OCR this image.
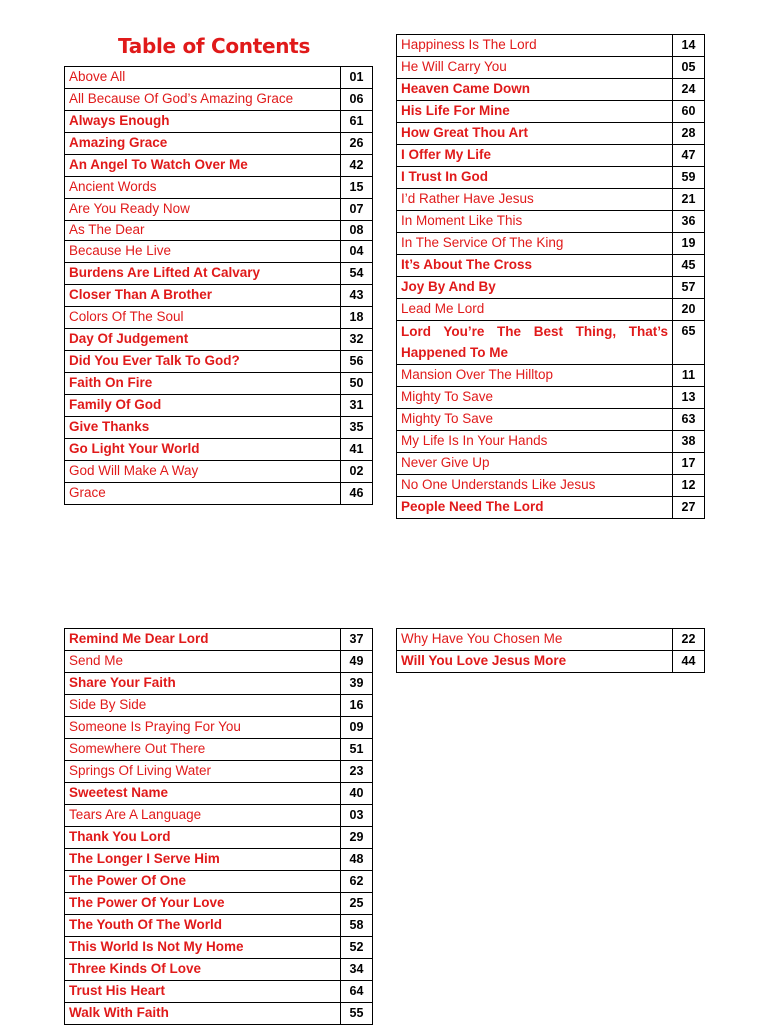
Table of Contents
Above All	01
All Because Of God’s Amazing Grace	06
Always Enough	61
Amazing Grace	26
An Angel To Watch Over Me	42
Ancient Words	15
Are You Ready Now	07
As The Dear	08
Because He Live	04
Burdens Are Lifted At Calvary	54
Closer Than A Brother	43
Colors Of The Soul	18
Day Of Judgement	32
Did You Ever Talk To God?	56
Faith On Fire	50
Family Of God	31
Give Thanks	35
Go Light Your World	41
God Will Make A Way	02
Grace	46
Happiness Is The Lord	14
He Will Carry You	05
Heaven Came Down	24
His Life For Mine	60
How Great Thou Art	28
I Offer My Life	47
I Trust In God	59
I’d Rather Have Jesus	21
In Moment Like This	36
In The Service Of The King	19
It’s About The Cross	45
Joy By And By	57
Lead Me Lord	20
Lord You’re The Best Thing, That’s Happened To Me	65
Mansion Over The Hilltop	11
Mighty To Save	13
Mighty To Save	63
My Life Is In Your Hands	38
Never Give Up	17
No One Understands Like Jesus	12
People Need The Lord	27
Remind Me Dear Lord	37
Send Me	49
Share Your Faith	39
Side By Side	16
Someone Is Praying For You	09
Somewhere Out There	51
Springs Of Living Water	23
Sweetest Name	40
Tears Are A Language	03
Thank You Lord	29
The Longer I Serve Him	48
The Power Of One	62
The Power Of Your Love	25
The Youth Of The World	58
This World Is Not My Home	52
Three Kinds Of Love	34
Trust His Heart	64
Walk With Faith	55
Why Have You Chosen Me	22
Will You Love Jesus More	44
